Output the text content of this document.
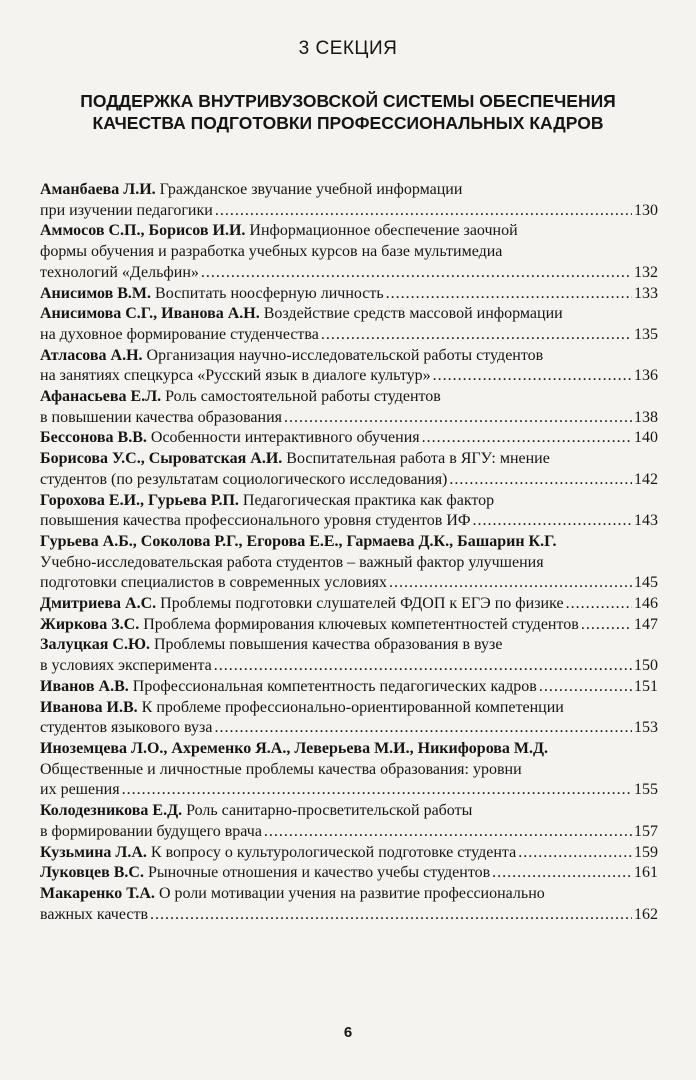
3 СЕКЦИЯ
ПОДДЕРЖКА ВНУТРИВУЗОВСКОЙ СИСТЕМЫ ОБЕСПЕЧЕНИЯ
КАЧЕСТВА ПОДГОТОВКИ ПРОФЕССИОНАЛЬНЫХ КАДРОВ
Аманбаева Л.И. Гражданское звучание учебной информации
при изучении педагогики .....	130
Аммосов С.П., Борисов И.И. Информационное обеспечение заочной
формы обучения и разработка учебных курсов на базе мультимедиа
технологий «Дельфин» .....	132
Анисимов В.М. Воспитать ноосферную личность .....	133
Анисимова С.Г., Иванова А.Н. Воздействие средств массовой информации
на духовное формирование студенчества .....	135
Атласова А.Н. Организация научно-исследовательской работы студентов
на занятиях спецкурса «Русский язык в диалоге культур» .....	136
Афанасьева Е.Л. Роль самостоятельной работы студентов
в повышении качества образования .....	138
Бессонова В.В. Особенности интерактивного обучения .....	140
Борисова У.С., Сыроватская А.И. Воспитательная работа в ЯГУ: мнение
студентов (по результатам социологического исследования) .....	142
Горохова Е.И., Гурьева Р.П. Педагогическая практика как фактор
повышения качества профессионального уровня студентов ИФ .....	143
Гурьева А.Б., Соколова Р.Г., Егорова Е.Е., Гармаева Д.К., Башарин К.Г.
Учебно-исследовательская работа студентов – важный фактор улучшения
подготовки специалистов в современных условиях .....	145
Дмитриева А.С. Проблемы подготовки слушателей ФДОП к ЕГЭ по физике .....	146
Жиркова З.С. Проблема формирования ключевых компетентностей студентов .....	147
Залуцкая С.Ю. Проблемы повышения качества образования в вузе
в условиях эксперимента .....	150
Иванов А.В. Профессиональная компетентность педагогических кадров .....	151
Иванова И.В. К проблеме профессионально-ориентированной компетенции
студентов языкового вуза .....	153
Иноземцева Л.О., Ахременко Я.А., Леверьева М.И., Никифорова М.Д.
Общественные и личностные проблемы качества образования: уровни
их решения .....	155
Колодезникова Е.Д. Роль санитарно-просветительской работы
в формировании будущего врача .....	157
Кузьмина Л.А. К вопросу о культурологической подготовке студента .....	159
Луковцев В.С. Рыночные отношения и качество учебы студентов .....	161
Макаренко Т.А. О роли мотивации учения на развитие профессионально
важных качеств .....	162
6
